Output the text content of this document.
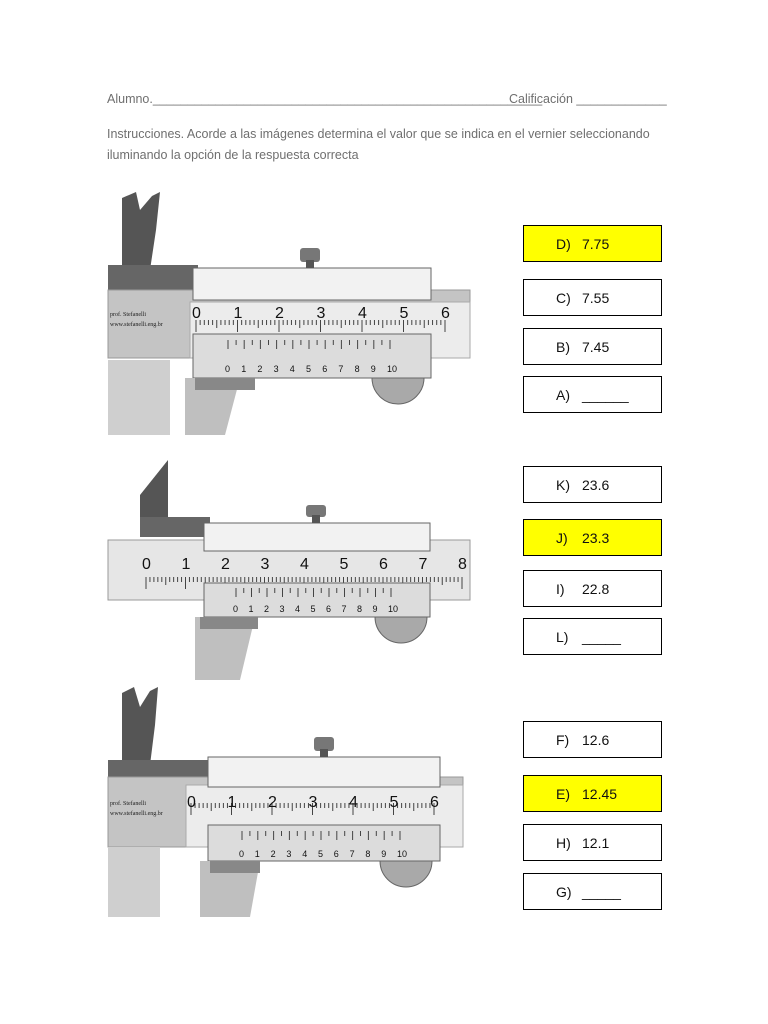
Alumno.________________________________________________________
Calificación _____________
Instrucciones. Acorde a las imágenes determina el valor que se indica en el vernier seleccionando iluminando la opción de la respuesta correcta
0 1 2 3 4 5 6
0 1 2 3 4 5 6 7 8 9 10
prof. Stefanelli
www.stefanelli.eng.br
D) 7.75
C) 7.55
B) 7.45
A) ______
0 1 2 3 4 5 6 7 8
0 1 2 3 4 5 6 7 8 9 10
K) 23.6
J)	23.3
I)	22.8
L) _____
0 1 2 3 4 5 6
0 1 2 3 4 5 6 7 8 9 10
prof. Stefanelli
www.stefanelli.eng.br
F) 12.6
E) 12.45
H) 12.1
G) _____
